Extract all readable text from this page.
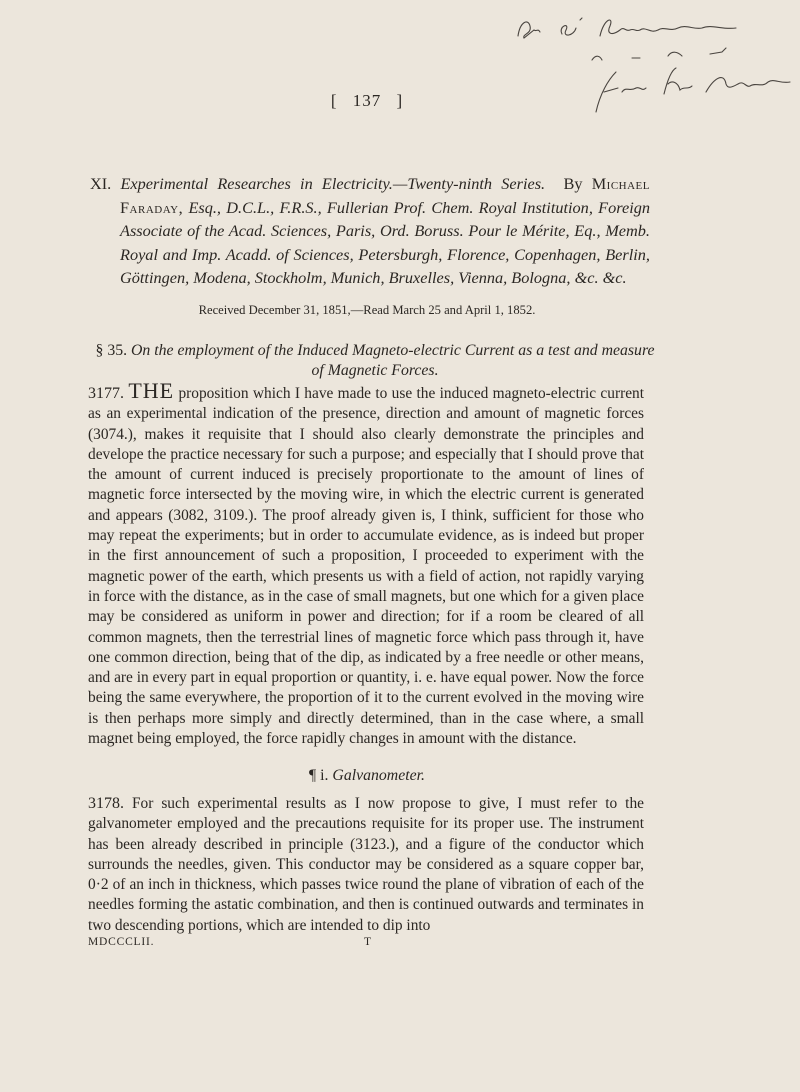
[ 137 ]
XI. Experimental Researches in Electricity.—Twenty-ninth Series. By Michael Faraday, Esq., D.C.L., F.R.S., Fullerian Prof. Chem. Royal Institution, Foreign Associate of the Acad. Sciences, Paris, Ord. Boruss. Pour le Mérite, Eq., Memb. Royal and Imp. Acadd. of Sciences, Petersburgh, Florence, Copenhagen, Berlin, Göttingen, Modena, Stockholm, Munich, Bruxelles, Vienna, Bologna, &c. &c.
Received December 31, 1851,—Read March 25 and April 1, 1852.
§ 35. On the employment of the Induced Magneto-electric Current as a test and measure of Magnetic Forces.

3177. THE proposition which I have made to use the induced magneto-electric current as an experimental indication of the presence, direction and amount of magnetic forces (3074.), makes it requisite that I should also clearly demonstrate the principles and develope the practice necessary for such a purpose; and especially that I should prove that the amount of current induced is precisely proportionate to the amount of lines of magnetic force intersected by the moving wire, in which the electric current is generated and appears (3082, 3109.). The proof already given is, I think, sufficient for those who may repeat the experiments; but in order to accumulate evidence, as is indeed but proper in the first announcement of such a proposition, I proceeded to experiment with the magnetic power of the earth, which presents us with a field of action, not rapidly varying in force with the distance, as in the case of small magnets, but one which for a given place may be considered as uniform in power and direction; for if a room be cleared of all common magnets, then the terrestrial lines of magnetic force which pass through it, have one common direction, being that of the dip, as indicated by a free needle or other means, and are in every part in equal proportion or quantity, i. e. have equal power. Now the force being the same everywhere, the proportion of it to the current evolved in the moving wire is then perhaps more simply and directly determined, than in the case where, a small magnet being employed, the force rapidly changes in amount with the distance.

¶ i. Galvanometer.

3178. For such experimental results as I now propose to give, I must refer to the galvanometer employed and the precautions requisite for its proper use. The instrument has been already described in principle (3123.), and a figure of the conductor which surrounds the needles, given. This conductor may be considered as a square copper bar, 0·2 of an inch in thickness, which passes twice round the plane of vibration of each of the needles forming the astatic combination, and then is continued outwards and terminates in two descending portions, which are intended to dip into

MDCCCLII.	T
